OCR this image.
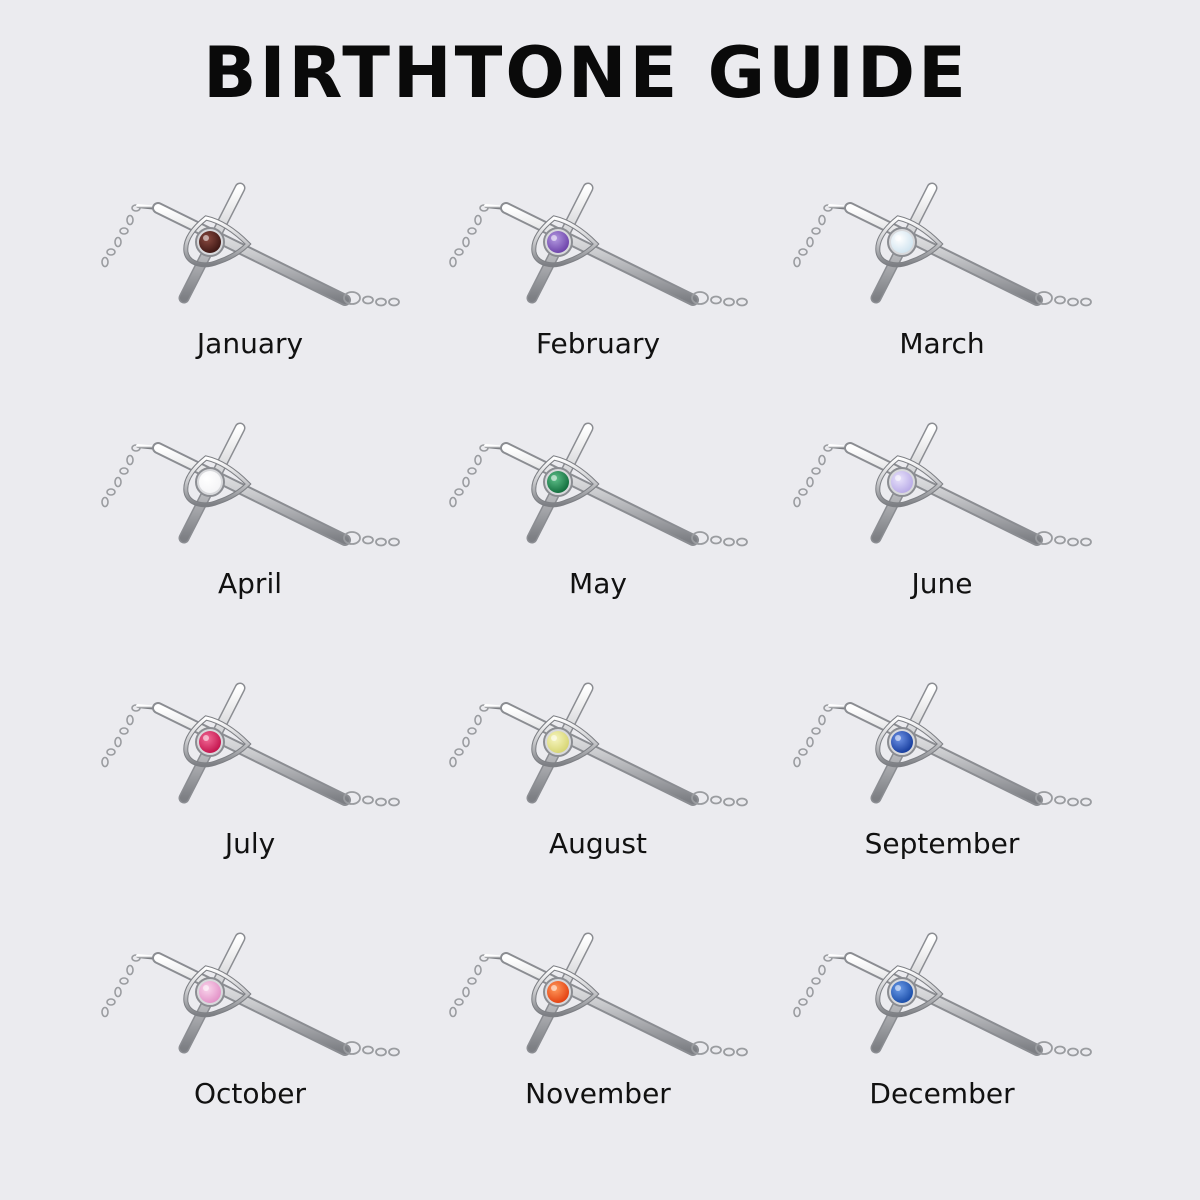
BIRTHTONE GUIDE
January	February	March
April	May	June
July	August	September
October	November	December
